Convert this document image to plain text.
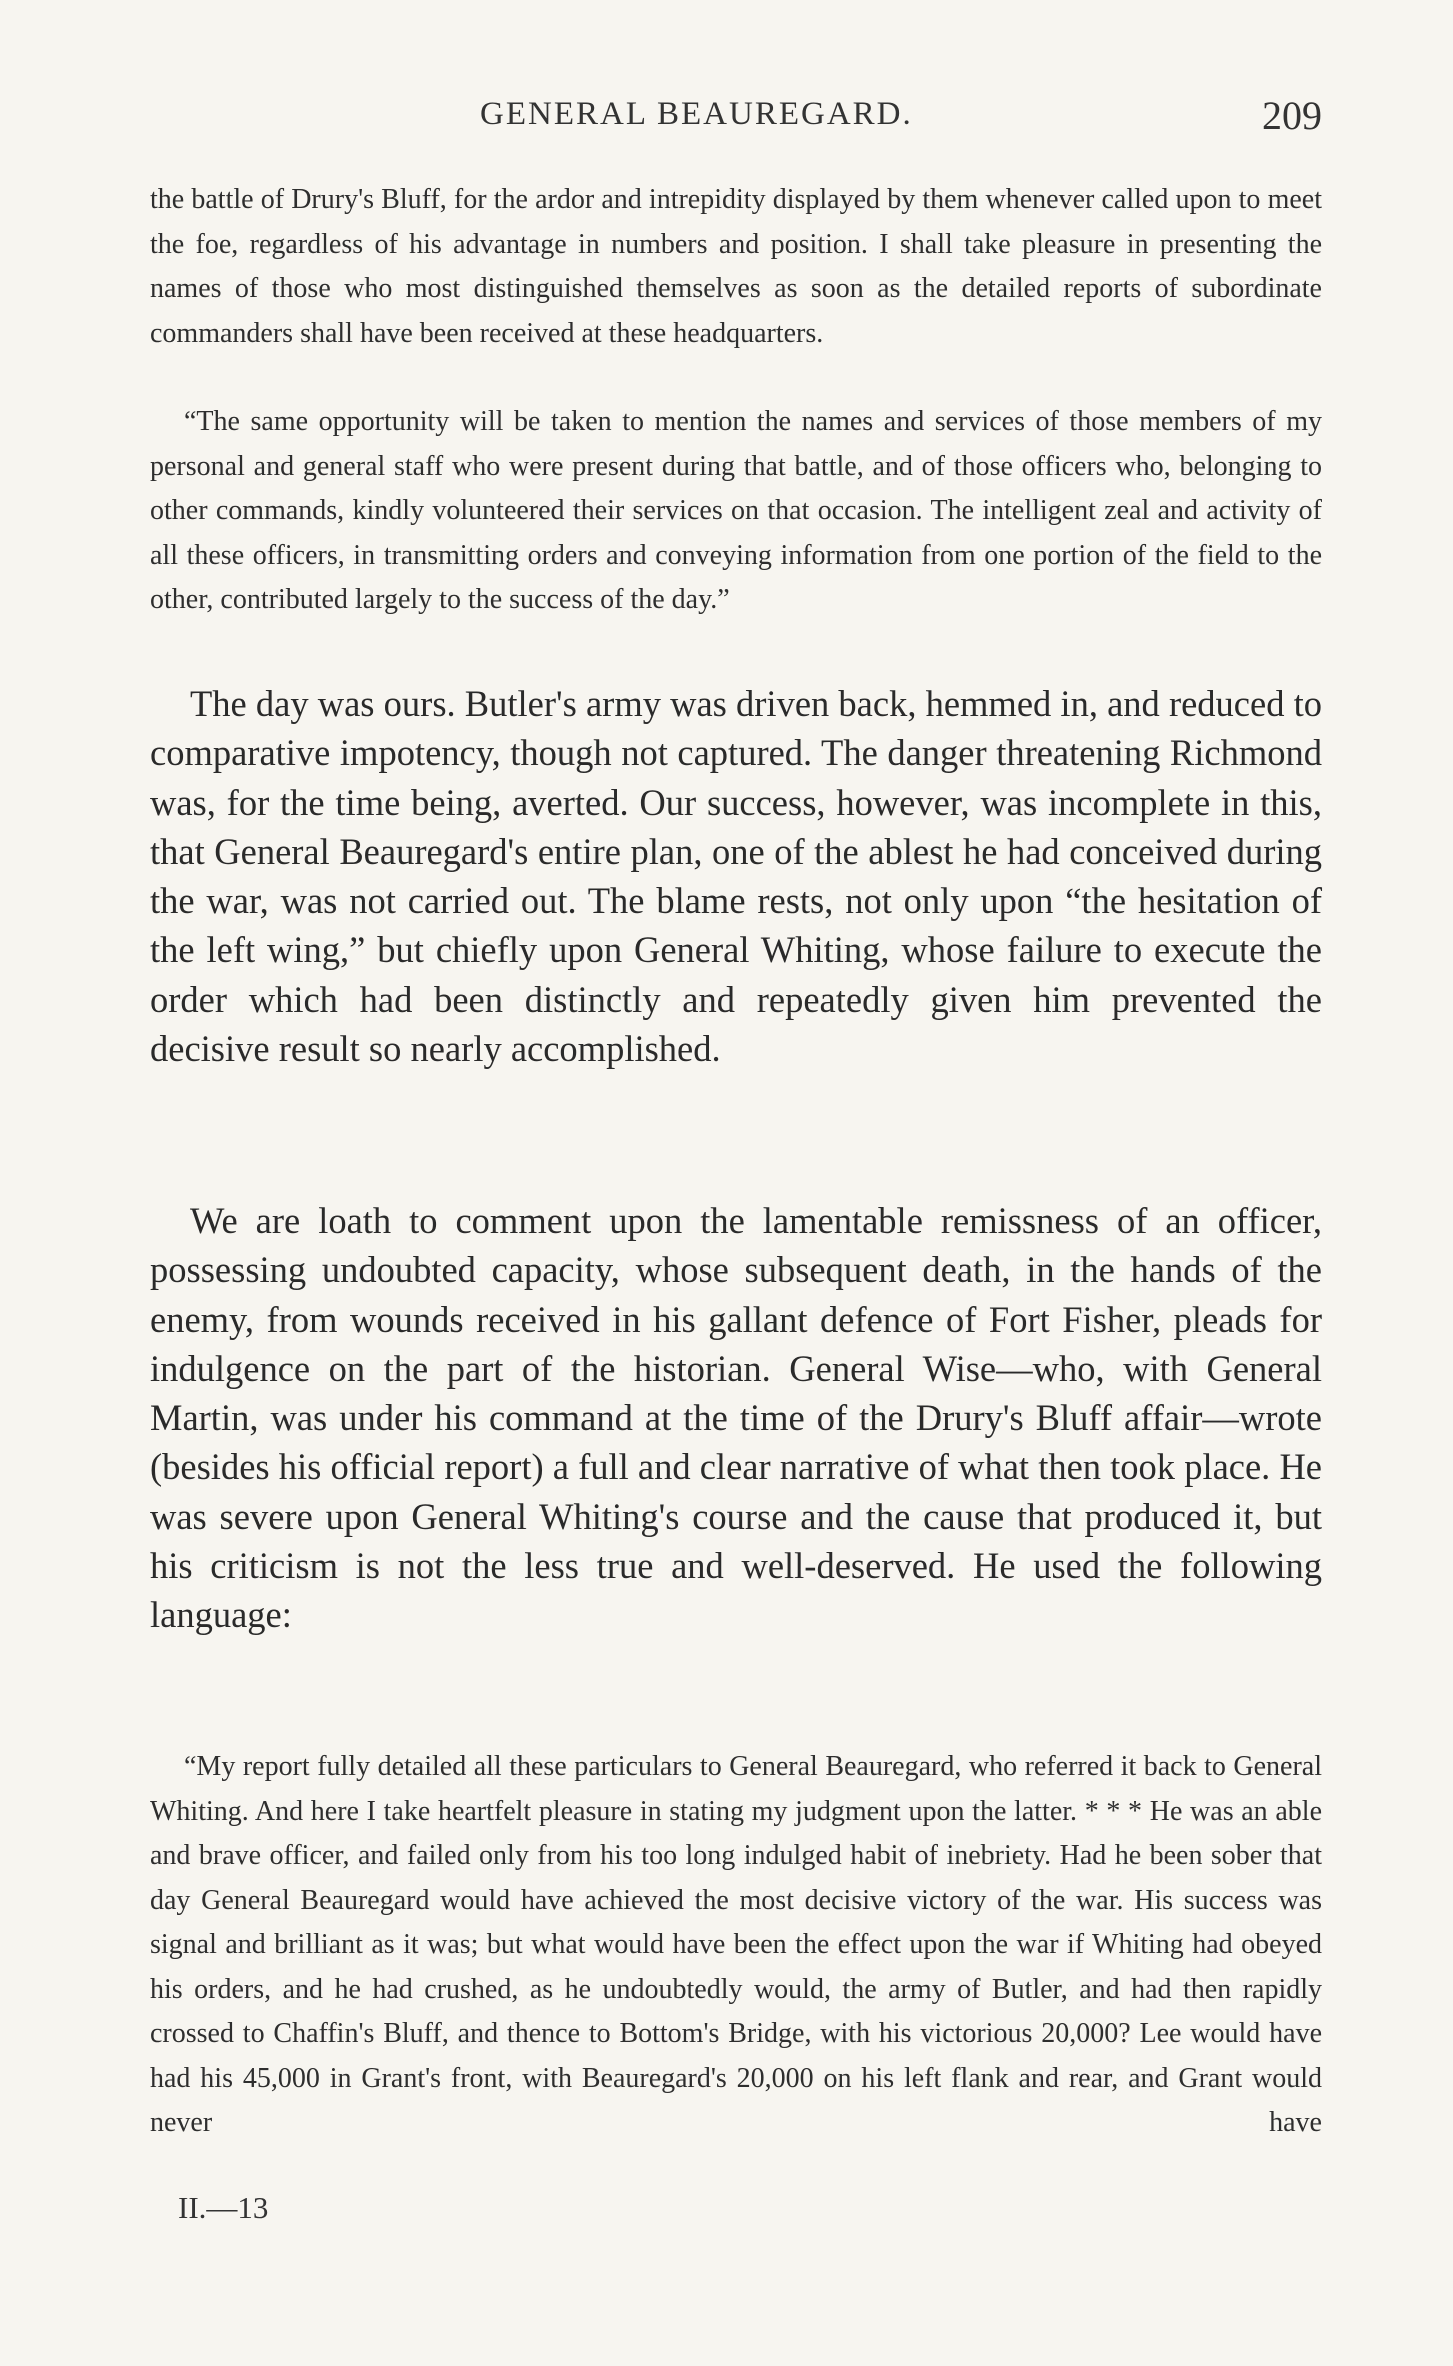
GENERAL BEAUREGARD.	209

the battle of Drury's Bluff, for the ardor and intrepidity displayed by them whenever called upon to meet the foe, regardless of his advantage in numbers and position. I shall take pleasure in presenting the names of those who most distinguished themselves as soon as the detailed reports of subordinate commanders shall have been received at these headquarters.

“The same opportunity will be taken to mention the names and services of those members of my personal and general staff who were present during that battle, and of those officers who, belonging to other commands, kindly volunteered their services on that occasion. The intelligent zeal and activity of all these officers, in transmitting orders and conveying information from one portion of the field to the other, contributed largely to the success of the day.”

The day was ours. Butler's army was driven back, hemmed in, and reduced to comparative impotency, though not captured. The danger threatening Richmond was, for the time being, averted. Our success, however, was incomplete in this, that General Beauregard's entire plan, one of the ablest he had conceived during the war, was not carried out. The blame rests, not only upon “the hesitation of the left wing,” but chiefly upon General Whiting, whose failure to execute the order which had been distinctly and repeatedly given him prevented the decisive result so nearly accomplished.

We are loath to comment upon the lamentable remissness of an officer, possessing undoubted capacity, whose subsequent death, in the hands of the enemy, from wounds received in his gallant defence of Fort Fisher, pleads for indulgence on the part of the historian. General Wise—who, with General Martin, was under his command at the time of the Drury's Bluff affair—wrote (besides his official report) a full and clear narrative of what then took place. He was severe upon General Whiting's course and the cause that produced it, but his criticism is not the less true and well-deserved. He used the following language:

“My report fully detailed all these particulars to General Beauregard, who referred it back to General Whiting. And here I take heartfelt pleasure in stating my judgment upon the latter. * * * He was an able and brave officer, and failed only from his too long indulged habit of inebriety. Had he been sober that day General Beauregard would have achieved the most decisive victory of the war. His success was signal and brilliant as it was; but what would have been the effect upon the war if Whiting had obeyed his orders, and he had crushed, as he undoubtedly would, the army of Butler, and had then rapidly crossed to Chaffin's Bluff, and thence to Bottom's Bridge, with his victorious 20,000? Lee would have had his 45,000 in Grant's front, with Beauregard's 20,000 on his left flank and rear, and Grant would never have

II.—13
